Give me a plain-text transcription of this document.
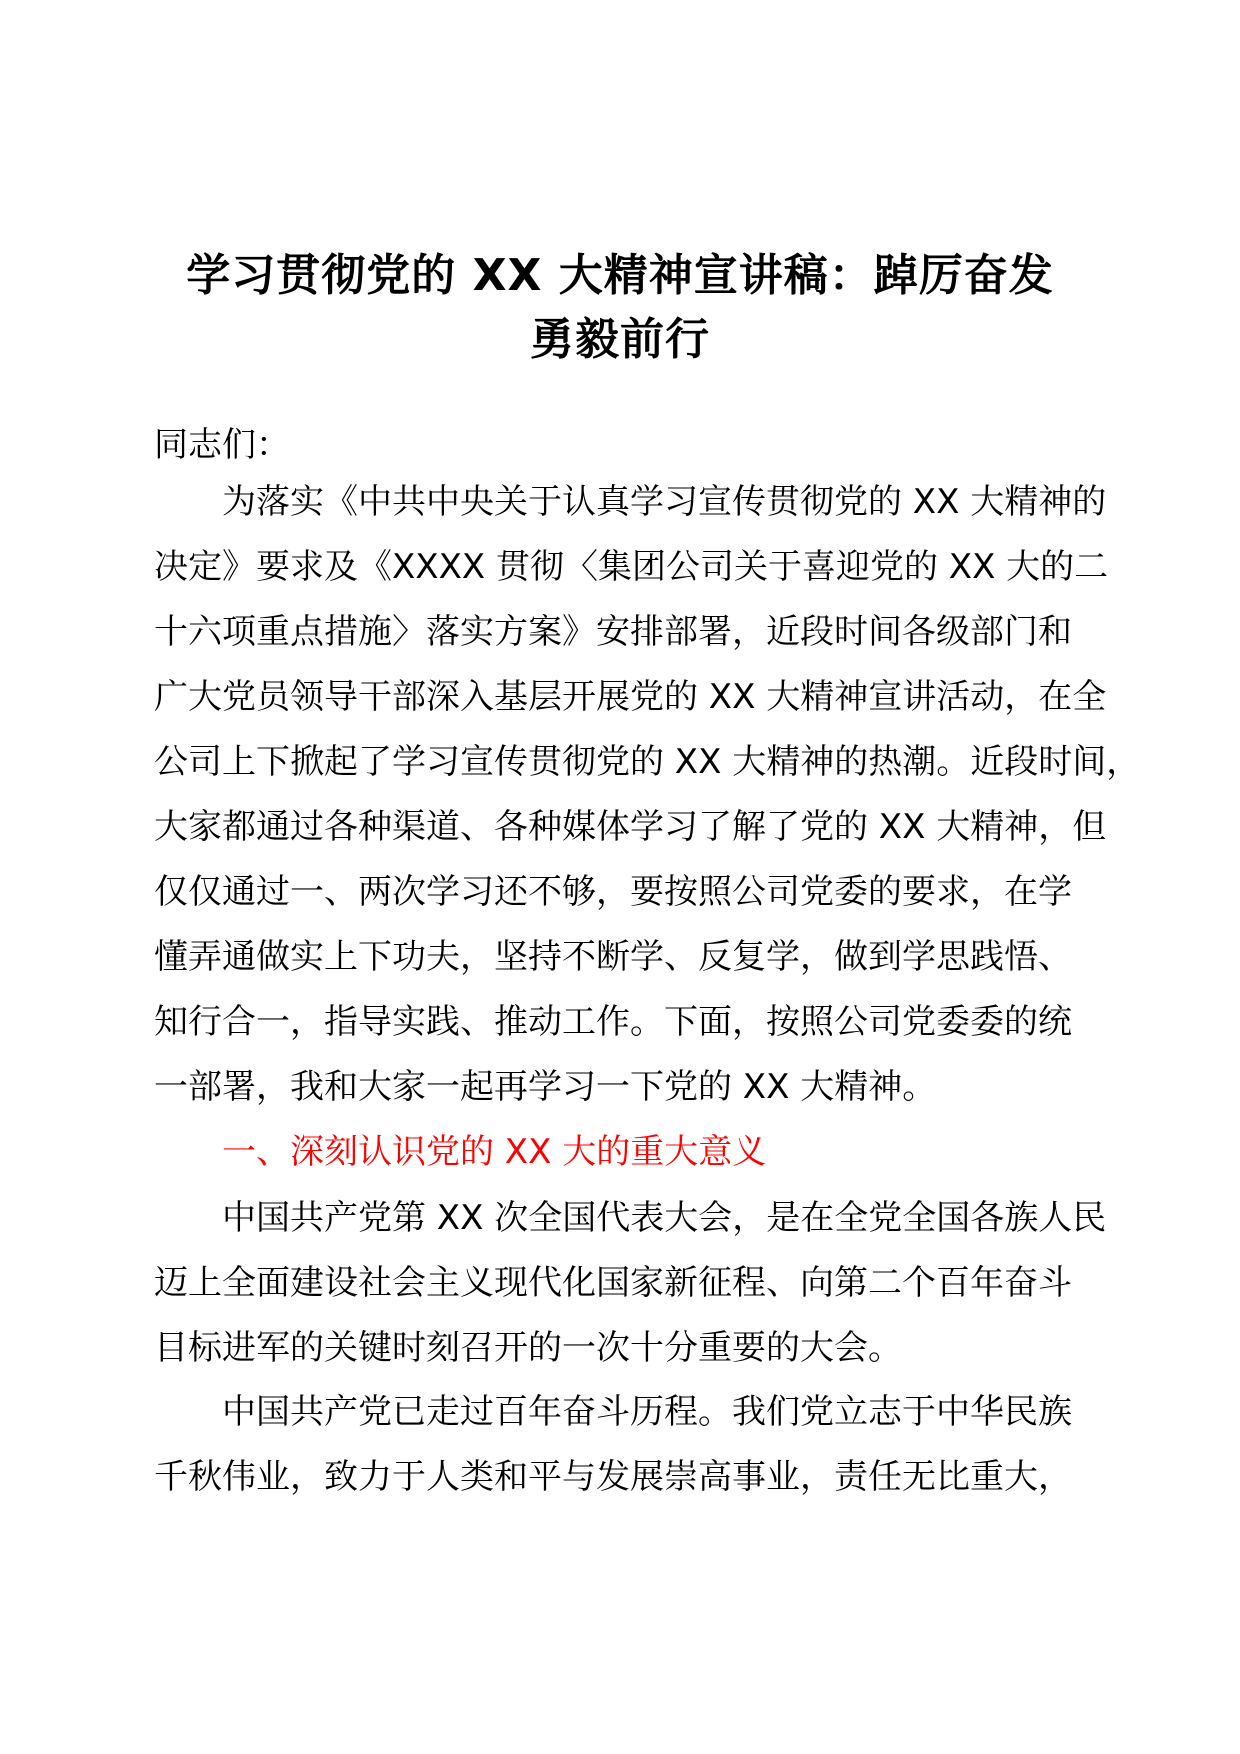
学习贯彻党的 XX 大精神宣讲稿：踔厉奋发
勇毅前行

同志们：

为落实《中共中央关于认真学习宣传贯彻党的 XX 大精神的
决定》要求及《XXXX 贯彻〈集团公司关于喜迎党的 XX 大的二
十六项重点措施〉落实方案》安排部署，近段时间各级部门和
广大党员领导干部深入基层开展党的 XX 大精神宣讲活动，在全
公司上下掀起了学习宣传贯彻党的 XX 大精神的热潮。近段时间，
大家都通过各种渠道、各种媒体学习了解了党的 XX 大精神，但
仅仅通过一、两次学习还不够，要按照公司党委的要求，在学
懂弄通做实上下功夫，坚持不断学、反复学，做到学思践悟、
知行合一，指导实践、推动工作。下面，按照公司党委委的统
一部署，我和大家一起再学习一下党的 XX 大精神。

一、深刻认识党的 XX 大的重大意义

中国共产党第 XX 次全国代表大会，是在全党全国各族人民
迈上全面建设社会主义现代化国家新征程、向第二个百年奋斗
目标进军的关键时刻召开的一次十分重要的大会。
中国共产党已走过百年奋斗历程。我们党立志于中华民族
千秋伟业，致力于人类和平与发展崇高事业，责任无比重大，
